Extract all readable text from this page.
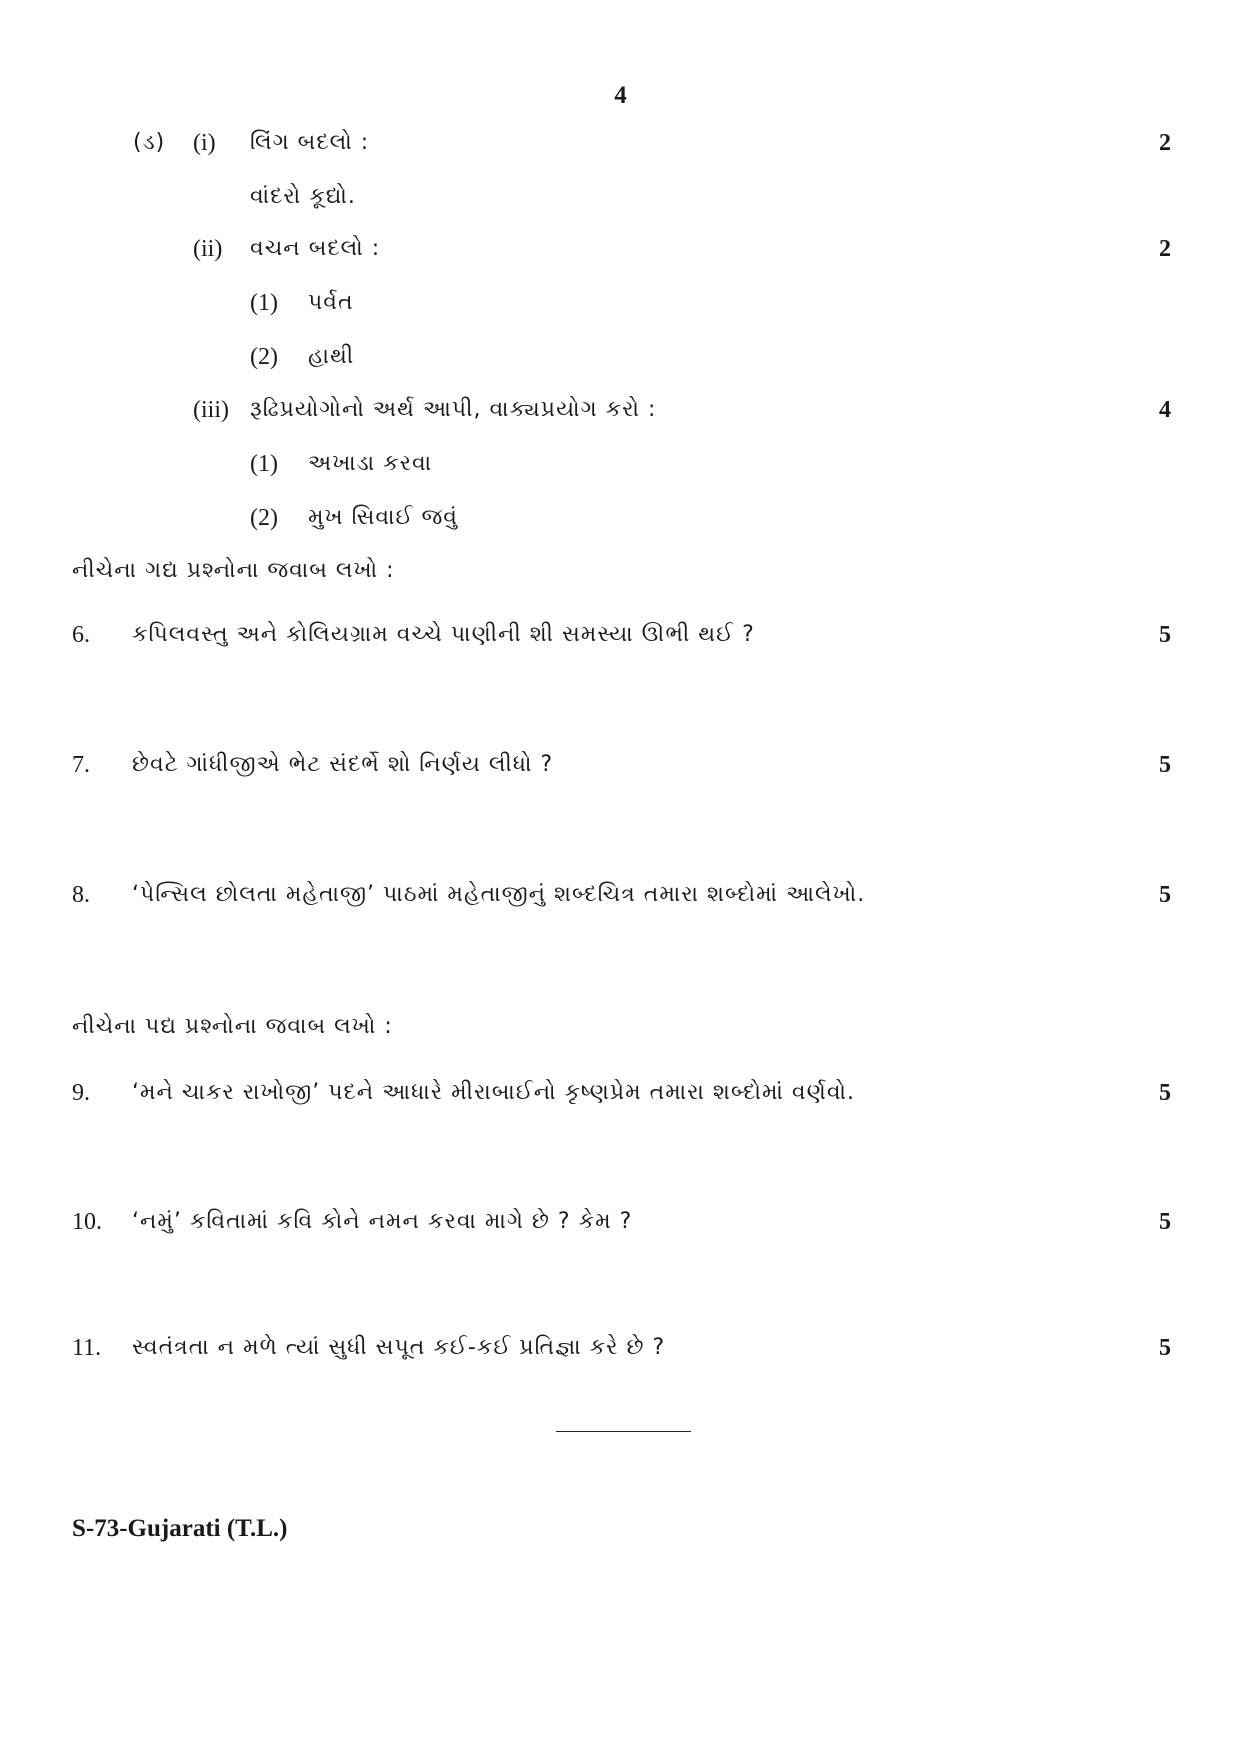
4
(ડ) (i) લિંગ બદલો :	2
વાંદરો કૂદ્યો.
(ii) વચન બદલો :	2
(1) પર્વત
(2) હાથી
(iii) રૂઢિપ્રયોગોનો અર્થ આપી, વાક્યપ્રયોગ કરો :	4
(1) અખાડા કરવા
(2) મુખ સિવાઈ જવું
નીચેના ગદ્ય પ્રશ્નોના જવાબ લખો :
6. કપિલવસ્તુ અને કોલિયગ્રામ વચ્ચે પાણીની શી સમસ્યા ઊભી થઈ ?	5
7. છેવટે ગાંધીજીએ ભેટ સંદર્ભે શો નિર્ણય લીધો ?	5
8. ‘પેન્સિલ છોલતા મહેતાજી’ પાઠમાં મહેતાજીનું શબ્દચિત્ર તમારા શબ્દોમાં આલેખો.	5
નીચેના પદ્ય પ્રશ્નોના જવાબ લખો :
9. ‘મને ચાકર રાખોજી’ પદને આધારે મીરાબાઈનો કૃષ્ણપ્રેમ તમારા શબ્દોમાં વર્ણવો.	5
10. ‘નમું’ કવિતામાં કવિ કોને નમન કરવા માગે છે ? કેમ ?	5
11. સ્વતંત્રતા ન મળે ત્યાં સુધી સપૂત કઈ-કઈ પ્રતિજ્ઞા કરે છે ?	5
S-73-Gujarati (T.L.)
